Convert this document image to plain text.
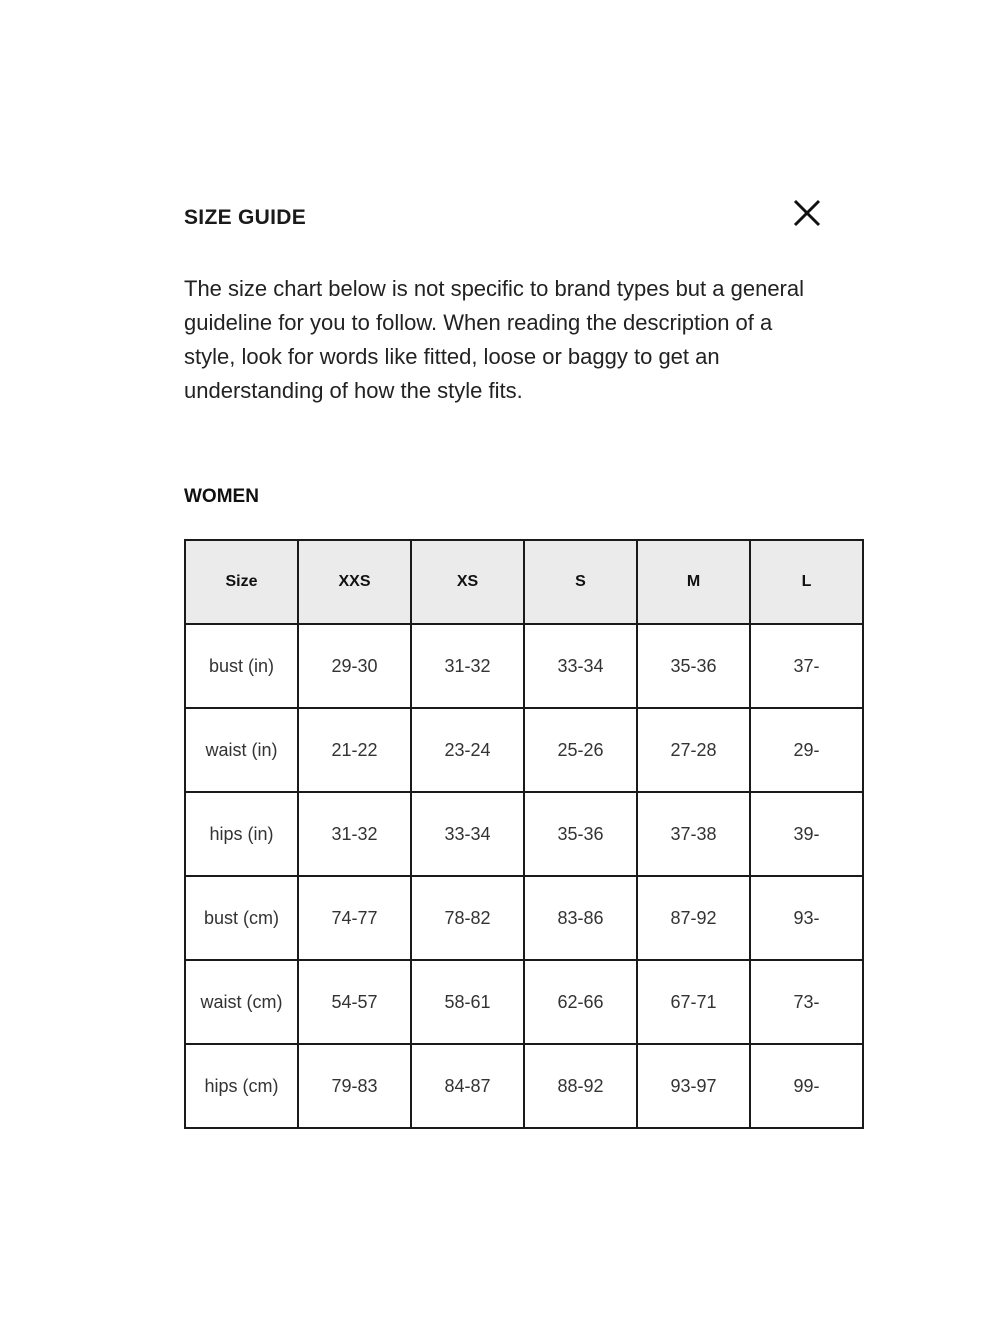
SIZE GUIDE

The size chart below is not specific to brand types but a general guideline for you to follow. When reading the description of a style, look for words like fitted, loose or baggy to get an understanding of how the style fits.

WOMEN
Size	XXS	XS	S	M	L
bust (in)	29-30	31-32	33-34	35-36	37-
waist (in)	21-22	23-24	25-26	27-28	29-
hips (in)	31-32	33-34	35-36	37-38	39-
bust (cm)	74-77	78-82	83-86	87-92	93-
waist (cm)	54-57	58-61	62-66	67-71	73-
hips (cm)	79-83	84-87	88-92	93-97	99-
